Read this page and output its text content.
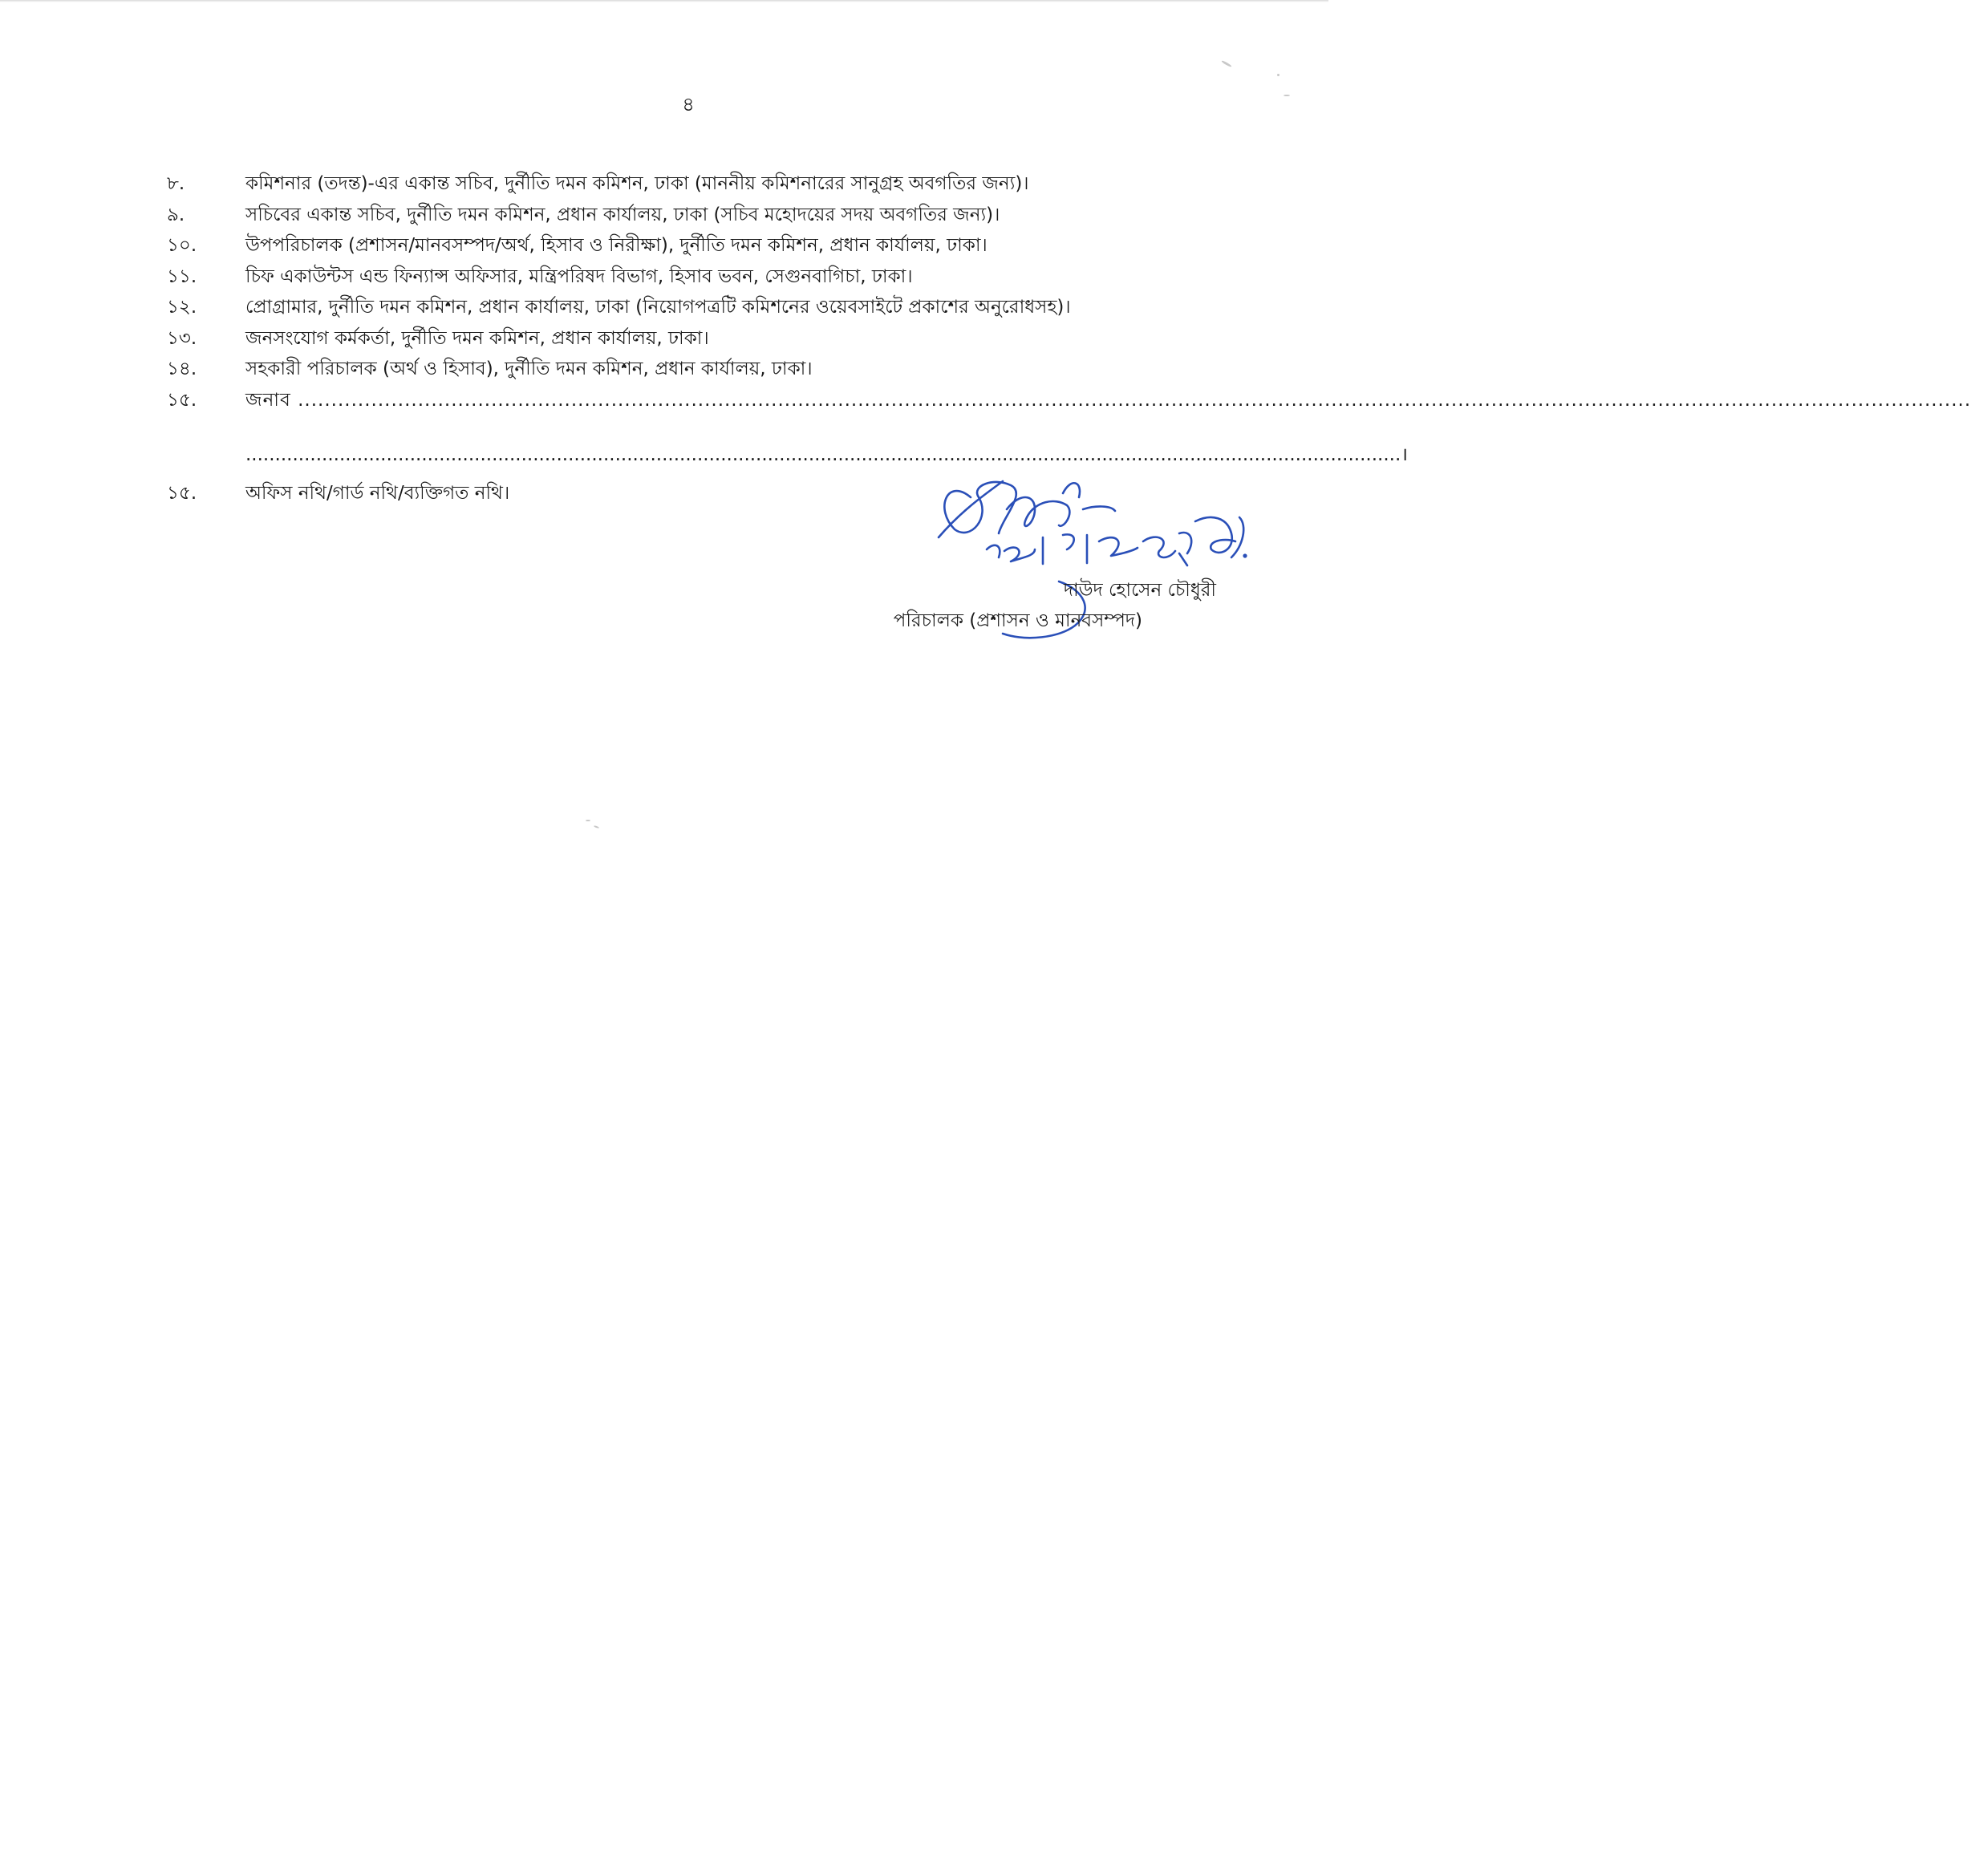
৪
৮.	কমিশনার (তদন্ত)-এর একান্ত সচিব, দুর্নীতি দমন কমিশন, ঢাকা (মাননীয় কমিশনারের সানুগ্রহ অবগতির জন্য)।
৯.	সচিবের একান্ত সচিব, দুর্নীতি দমন কমিশন, প্রধান কার্যালয়, ঢাকা (সচিব মহোদয়ের সদয় অবগতির জন্য)।
১০.	উপপরিচালক (প্রশাসন/মানবসম্পদ/অর্থ, হিসাব ও নিরীক্ষা), দুর্নীতি দমন কমিশন, প্রধান কার্যালয়, ঢাকা।
১১.	চিফ একাউন্টস এন্ড ফিন্যান্স অফিসার, মন্ত্রিপরিষদ বিভাগ, হিসাব ভবন, সেগুনবাগিচা, ঢাকা।
১২.	প্রোগ্রামার, দুর্নীতি দমন কমিশন, প্রধান কার্যালয়, ঢাকা (নিয়োগপত্রটি কমিশনের ওয়েবসাইটে প্রকাশের অনুরোধসহ)।
১৩.	জনসংযোগ কর্মকর্তা, দুর্নীতি দমন কমিশন, প্রধান কার্যালয়, ঢাকা।
১৪.	সহকারী পরিচালক (অর্থ ও হিসাব), দুর্নীতি দমন কমিশন, প্রধান কার্যালয়, ঢাকা।
১৫.	জনাব ...........................................................................................................................................................................................................................................................
.....................................................................................................................................................................................................।
১৫.	অফিস নথি/গার্ড নথি/ব্যক্তিগত নথি।
দাউদ হোসেন চৌধুরী
পরিচালক (প্রশাসন ও মানবসম্পদ)
